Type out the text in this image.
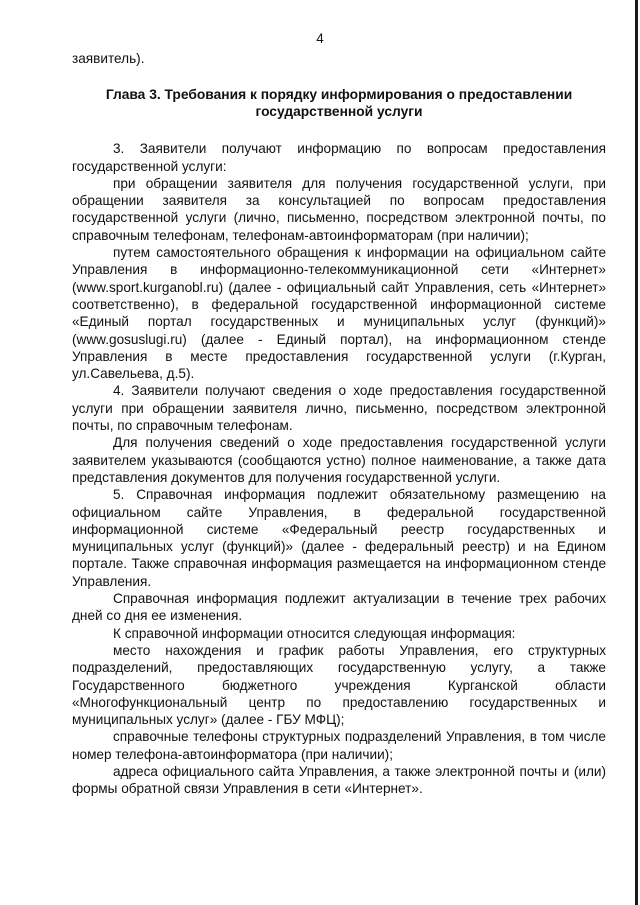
4

заявитель).

Глава 3. Требования к порядку информирования о предоставлении государственной услуги

3. Заявители получают информацию по вопросам предоставления государственной услуги:

при обращении заявителя для получения государственной услуги, при обращении заявителя за консультацией по вопросам предоставления государственной услуги (лично, письменно, посредством электронной почты, по справочным телефонам, телефонам-автоинформаторам (при наличии);

путем самостоятельного обращения к информации на официальном сайте Управления в информационно-телекоммуникационной сети «Интернет» (www.sport.kurganobl.ru) (далее - официальный сайт Управления, сеть «Интернет» соответственно), в федеральной государственной информационной системе «Единый портал государственных и муниципальных услуг (функций)» (www.gosuslugi.ru) (далее - Единый портал), на информационном стенде Управления в месте предоставления государственной услуги (г.Курган, ул.Савельева, д.5).

4. Заявители получают сведения о ходе предоставления государственной услуги при обращении заявителя лично, письменно, посредством электронной почты, по справочным телефонам.

Для получения сведений о ходе предоставления государственной услуги заявителем указываются (сообщаются устно) полное наименование, а также дата представления документов для получения государственной услуги.

5. Справочная информация подлежит обязательному размещению на официальном сайте Управления, в федеральной государственной информационной системе «Федеральный реестр государственных и муниципальных услуг (функций)» (далее - федеральный реестр) и на Едином портале. Также справочная информация размещается на информационном стенде Управления.

Справочная информация подлежит актуализации в течение трех рабочих дней со дня ее изменения.

К справочной информации относится следующая информация:

место нахождения и график работы Управления, его структурных подразделений, предоставляющих государственную услугу, а также Государственного бюджетного учреждения Курганской области «Многофункциональный центр по предоставлению государственных и муниципальных услуг» (далее - ГБУ МФЦ);

справочные телефоны структурных подразделений Управления, в том числе номер телефона-автоинформатора (при наличии);

адреса официального сайта Управления, а также электронной почты и (или) формы обратной связи Управления в сети «Интернет».
